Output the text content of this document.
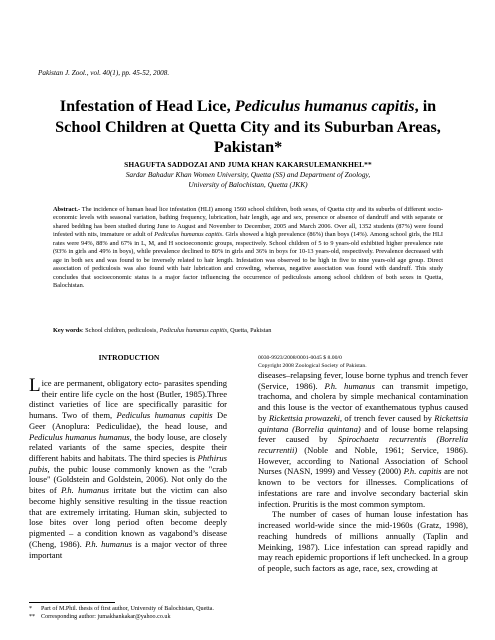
Pakistan J. Zool., vol. 40(1), pp. 45-52, 2008.
Infestation of Head Lice, Pediculus humanus capitis, in
School Children at Quetta City and its Suburban Areas,
Pakistan*
SHAGUFTA SADDOZAI AND JUMA KHAN KAKARSULEMANKHEL**
Sardar Bahadur Khan Women University, Quetta (SS) and Department of Zoology,
University of Balochistan, Quetta (JKK)
Abstract.- The incidence of human head lice infestation (HLI) among 1560 school children, both sexes, of Quetta city and its suburbs of different socio-economic levels with seasonal variation, bathing frequency, lubrication, hair length, age and sex, presence or absence of dandruff and with separate or shared bedding has been studied during June to August and November to December, 2005 and March 2006. Over all, 1352 students (87%) were found infested with nits, immature or adult of Pediculus humanus capitis. Girls showed a high prevalence (86%) than boys (14%). Among school girls, the HLI rates were 94%, 88% and 67% in L, M, and H socioeconomic groups, respectively. School children of 5 to 9 years-old exhibited higher prevalence rate (93% in girls and 49% in boys), while prevalence declined to 80% in girls and 36% in boys for 10-13 years-old, respectively. Prevalence decreased with age in both sex and was found to be inversely related to hair length. Infestation was observed to be high in five to nine years-old age group. Direct association of pediculosis was also found with hair lubrication and crowding, whereas, negative association was found with dandruff. This study concludes that socioeconomic status is a major factor influencing the occurrence of pediculosis among school children of both sexes in Quetta, Balochistan.
Key words: School children, pediculosis, Pediculus humanus capitis, Quetta, Pakistan
INTRODUCTION

Lice are permanent, obligatory ecto- parasites spending their entire life cycle on the host (Butler, 1985).Three distinct varieties of lice are specifically parasitic for humans. Two of them, Pediculus humanus capitis De Geer (Anoplura: Pediculidae), the head louse, and Pediculus humanus humanus, the body louse, are closely related variants of the same species, despite their different habits and habitats. The third species is Phthirus pubis, the pubic louse commonly known as the "crab louse" (Goldstein and Goldstein, 2006). Not only do the bites of P.h. humanus irritate but the victim can also become highly sensitive resulting in the tissue reaction that are extremely irritating. Human skin, subjected to lose bites over long period often become deeply pigmented – a condition known as vagabond’s disease (Cheng, 1986). P.h. humanus is a major vector of three important

*	Part of M.Phil. thesis of first author, University of Balochistan, Quetta.
** Corresponding author: jumakhankakar@yahoo.co.uk
0030-9923/2008/0001-0045 $ 8.00/0
Copyright 2008 Zoological Society of Pakistan.

diseases–relapsing fever, louse borne typhus and trench fever (Service, 1986). P.h. humanus can transmit impetigo, trachoma, and cholera by simple mechanical contamination and this louse is the vector of exanthematous typhus caused by Rickettsia prowazeki, of trench fever caused by Rickettsia quintana (Borrelia quintana) and of louse borne relapsing fever caused by Spirochaeta recurrentis (Borrelia recurrentii) (Noble and Noble, 1961; Service, 1986). However, according to National Association of School Nurses (NASN, 1999) and Vessey (2000) P.h. capitis are not known to be vectors for illnesses. Complications of infestations are rare and involve secondary bacterial skin infection. Pruritis is the most common symptom.

The number of cases of human louse infestation has increased world-wide since the mid-1960s (Gratz, 1998), reaching hundreds of millions annually (Taplin and Meinking, 1987). Lice infestation can spread rapidly and may reach epidemic proportions if left unchecked. In a group of people, such factors as age, race, sex, crowding at
